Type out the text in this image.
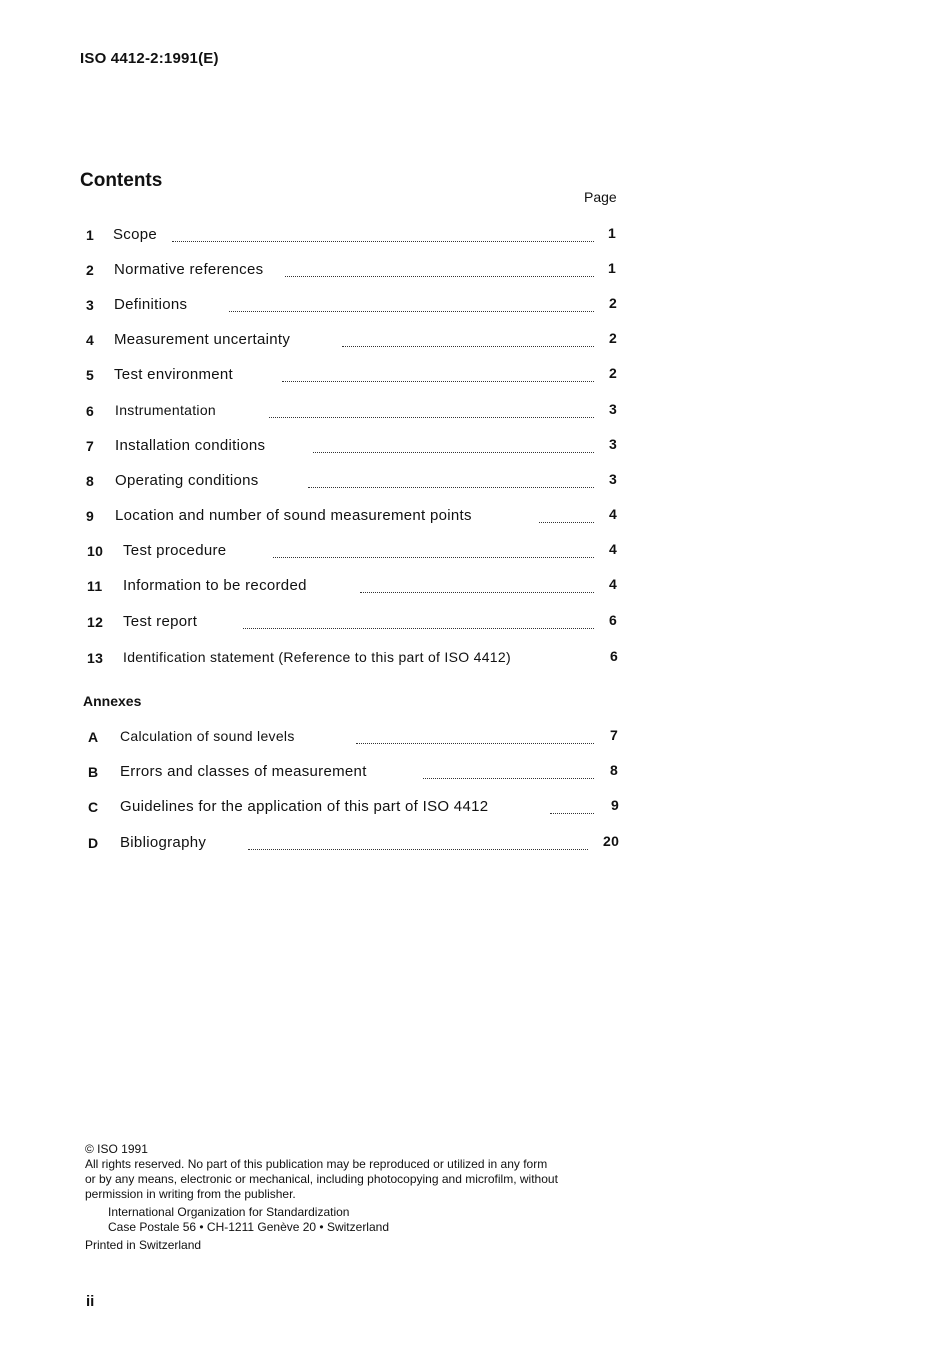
ISO 4412-2:1991(E)
Contents
Page
1 Scope	1
2 Normative references	1
3 Definitions	2
4 Measurement uncertainty	2
5 Test environment	2
6 Instrumentation	3
7 Installation conditions	3
8 Operating conditions	3
9 Location and number of sound measurement points	4
10 Test procedure	4
11 Information to be recorded	4
12 Test report	6
13 Identification statement (Reference to this part of ISO 4412)	6
Annexes
A Calculation of sound levels	7
B Errors and classes of measurement	8
C Guidelines for the application of this part of ISO 4412	9
D Bibliography	20
© ISO 1991
All rights reserved. No part of this publication may be reproduced or utilized in any form
or by any means, electronic or mechanical, including photocopying and microfilm, without
permission in writing from the publisher.
International Organization for Standardization
Case Postale 56 • CH-1211 Genève 20 • Switzerland
Printed in Switzerland
ii
